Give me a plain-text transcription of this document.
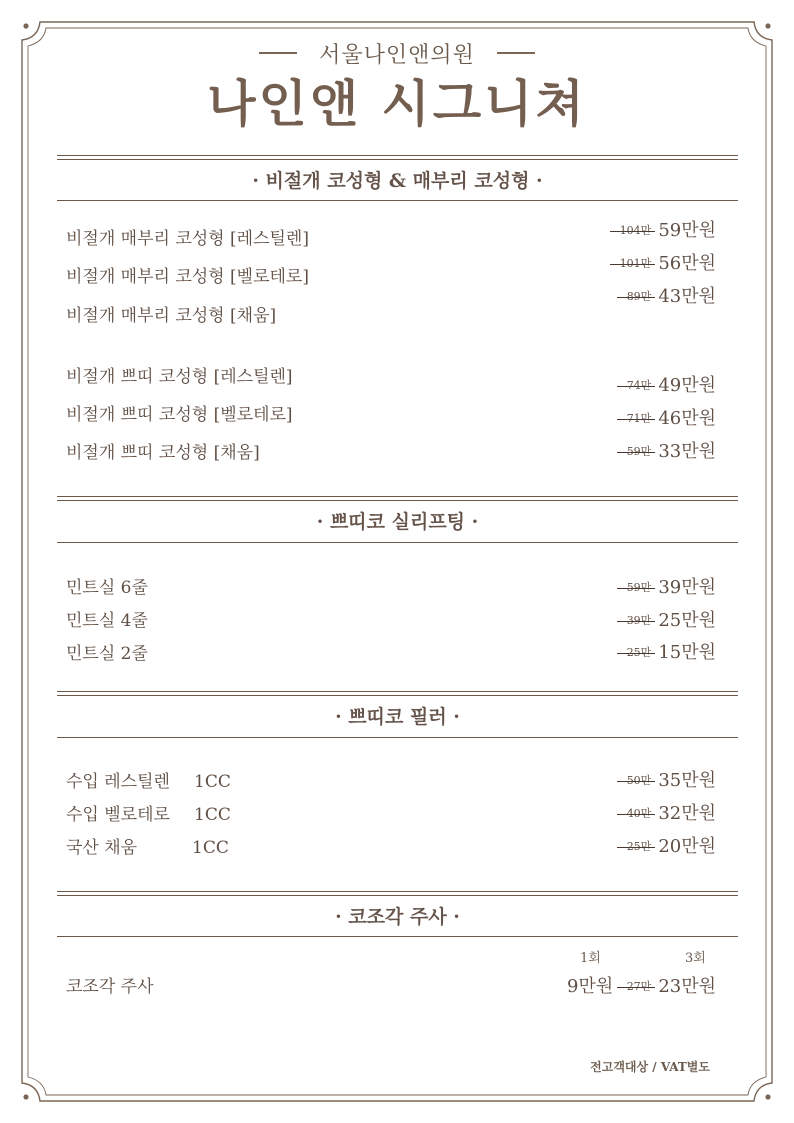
서울나인앤의원
나인앤 시그니쳐
· 비절개 코성형 & 매부리 코성형 ·
비절개 매부리 코성형 [레스틸렌]
비절개 매부리 코성형 [벨로테로]
비절개 매부리 코성형 [채움]
비절개 쁘띠 코성형 [레스틸렌]
비절개 쁘띠 코성형 [벨로테로]
비절개 쁘띠 코성형 [채움]
104만 59만원
101만 56만원
89만 43만원
74만 49만원
71만 46만원
59만 33만원
· 쁘띠코 실리프팅 ·
민트실 6줄
민트실 4줄
민트실 2줄
59만 39만원
39만 25만원
25만 15만원
· 쁘띠코 필러 ·
수입 레스틸렌
수입 벨로테로
국산 채움
1CC
1CC
1CC
50만 35만원
40만 32만원
25만 20만원
· 코조각 주사 ·
1회	3회
코조각 주사	9만원 27만 23만원
전고객대상 / VAT별도
